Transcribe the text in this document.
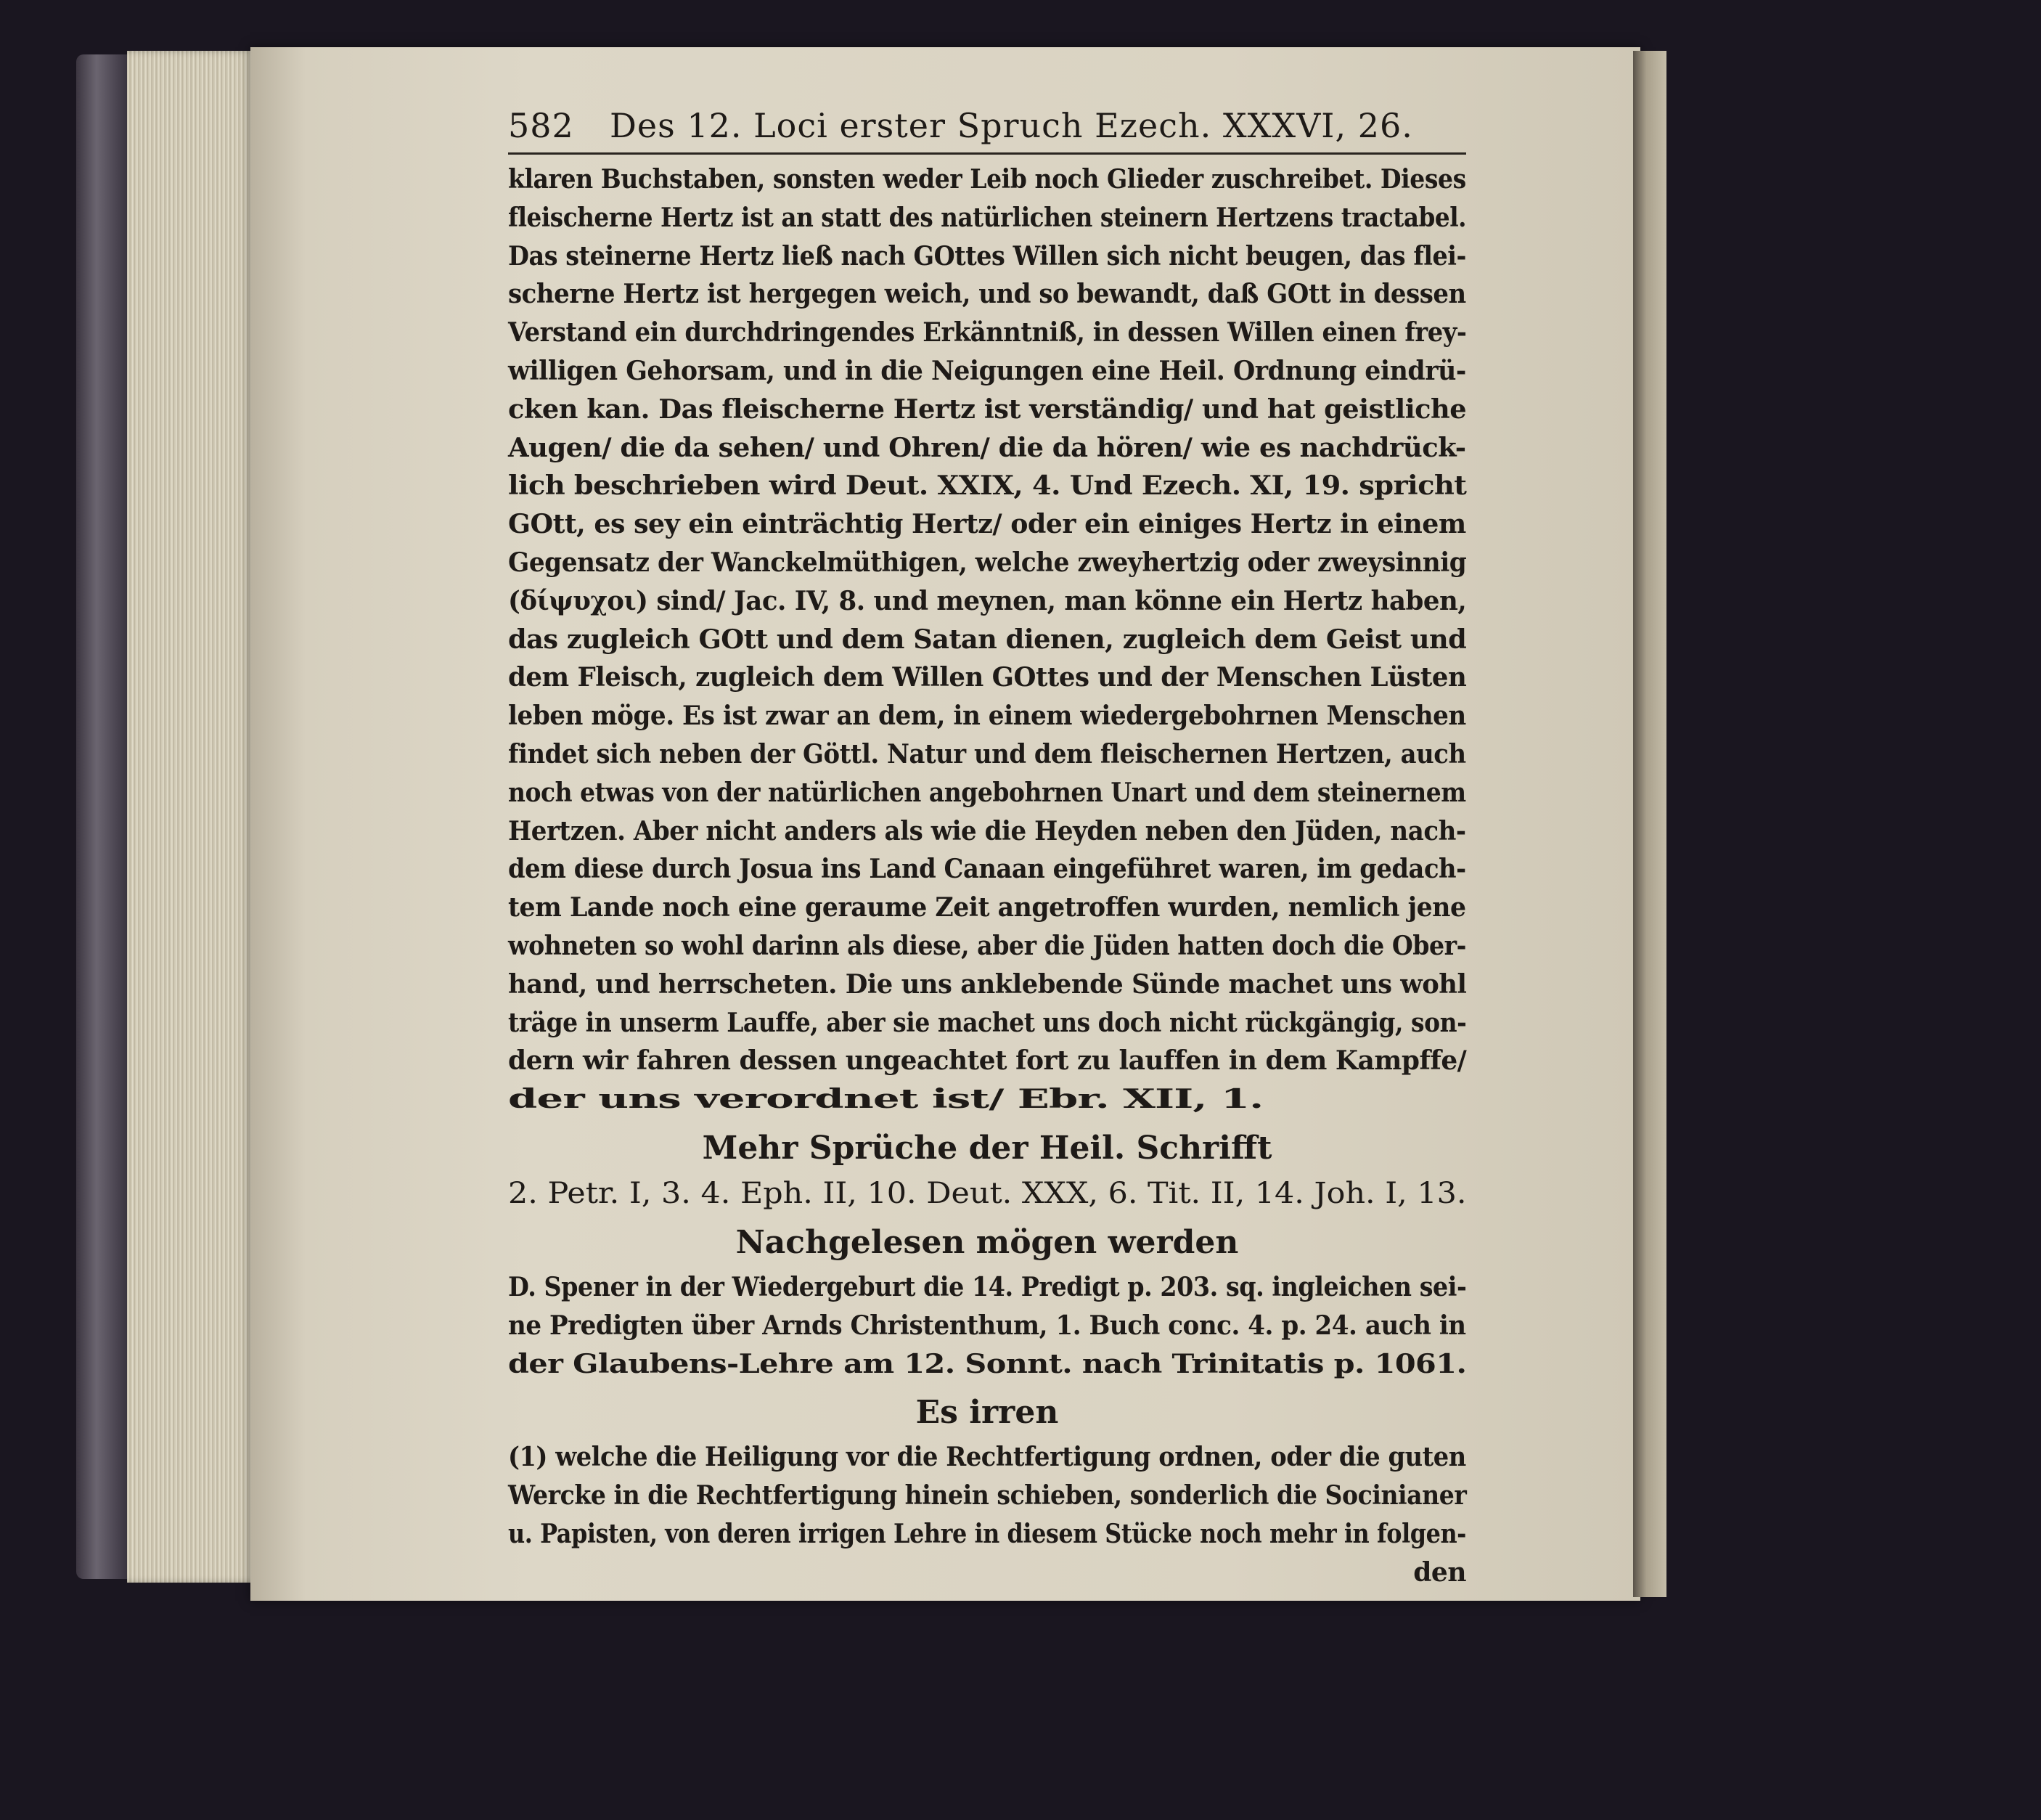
582 Des 12. Loci erster Spruch Ezech. XXXVI, 26.
klaren Buchstaben, sonsten weder Leib noch Glieder zuschreibet. Dieses
fleischerne Hertz ist an statt des natürlichen steinern Hertzens tractabel.
Das steinerne Hertz ließ nach GOttes Willen sich nicht beugen, das flei-
scherne Hertz ist hergegen weich, und so bewandt, daß GOtt in dessen
Verstand ein durchdringendes Erkänntniß, in dessen Willen einen frey-
willigen Gehorsam, und in die Neigungen eine Heil. Ordnung eindrü-
cken kan. Das fleischerne Hertz ist verständig/ und hat geistliche
Augen/ die da sehen/ und Ohren/ die da hören/ wie es nachdrück-
lich beschrieben wird Deut. XXIX, 4. Und Ezech. XI, 19. spricht
GOtt, es sey ein einträchtig Hertz/ oder ein einiges Hertz in einem
Gegensatz der Wanckelmüthigen, welche zweyhertzig oder zweysinnig
(δίψυχοι) sind/ Jac. IV, 8. und meynen, man könne ein Hertz haben,
das zugleich GOtt und dem Satan dienen, zugleich dem Geist und
dem Fleisch, zugleich dem Willen GOttes und der Menschen Lüsten
leben möge. Es ist zwar an dem, in einem wiedergebohrnen Menschen
findet sich neben der Göttl. Natur und dem fleischernen Hertzen, auch
noch etwas von der natürlichen angebohrnen Unart und dem steinernem
Hertzen. Aber nicht anders als wie die Heyden neben den Jüden, nach-
dem diese durch Josua ins Land Canaan eingeführet waren, im gedach-
tem Lande noch eine geraume Zeit angetroffen wurden, nemlich jene
wohneten so wohl darinn als diese, aber die Jüden hatten doch die Ober-
hand, und herrscheten. Die uns anklebende Sünde machet uns wohl
träge in unserm Lauffe, aber sie machet uns doch nicht rückgängig, son-
dern wir fahren dessen ungeachtet fort zu lauffen in dem Kampffe/
der uns verordnet ist/ Ebr. XII, 1.
Mehr Sprüche der Heil. Schrifft
2. Petr. I, 3. 4. Eph. II, 10. Deut. XXX, 6. Tit. II, 14. Joh. I, 13.
Nachgelesen mögen werden
D. Spener in der Wiedergeburt die 14. Predigt p. 203. sq. ingleichen sei-
ne Predigten über Arnds Christenthum, 1. Buch conc. 4. p. 24. auch in
der Glaubens-Lehre am 12. Sonnt. nach Trinitatis p. 1061.
Es irren
(1) welche die Heiligung vor die Rechtfertigung ordnen, oder die guten
Wercke in die Rechtfertigung hinein schieben, sonderlich die Socinianer
u. Papisten, von deren irrigen Lehre in diesem Stücke noch mehr in folgen-
den
